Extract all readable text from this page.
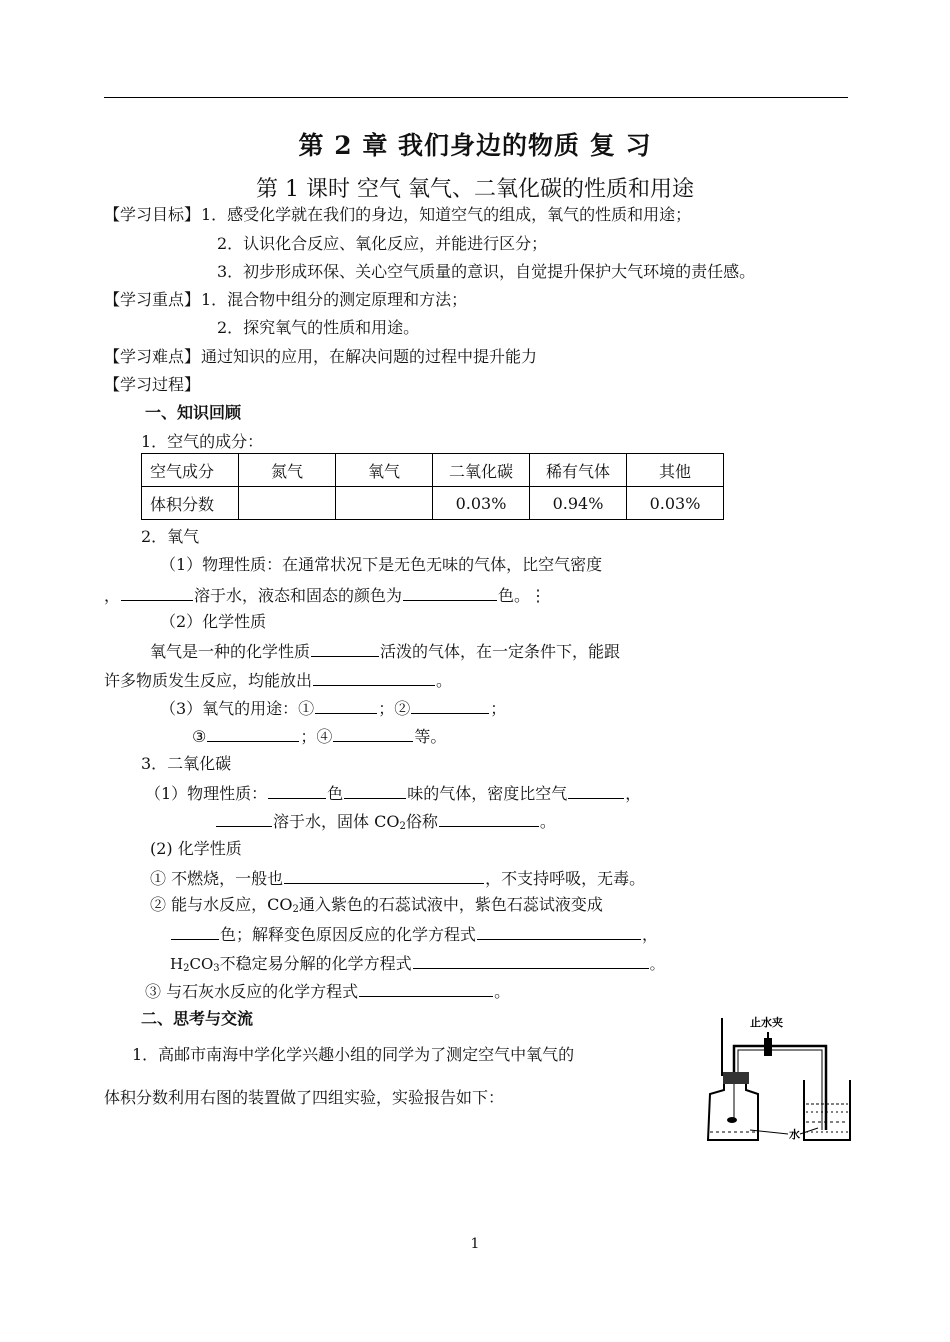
第 2 章 我们身边的物质 复 习
第 1 课时 空气 氧气、二氧化碳的性质和用途
【学习目标】 1．感受化学就在我们的身边，知道空气的组成，氧气的性质和用途；
2．认识化合反应、氧化反应，并能进行区分；
3．初步形成环保、关心空气质量的意识，自觉提升保护大气环境的责任感。
【学习重点】 1．混合物中组分的测定原理和方法；
2．探究氧气的性质和用途。
【学习难点】 通过知识的应用，在解决问题的过程中提升能力
【学习过程】
一、知识回顾
1．空气的成分：
空气成分	氮气	氧气	二氧化碳	稀有气体	其他
体积分数			0.03%	0.94%	0.03%
2．氧气
（1）物理性质：在通常状况下是无色无味的气体，比空气密度
，	溶于水，液态和固态的颜色为	色。⋮
（2）化学性质
氧气是一种的化学性质	活泼的气体，在一定条件下，能跟
许多物质发生反应，均能放出	。
（3）氧气的用途：①	；②	；
③	；④	等。
3．二氧化碳
（1）物理性质：	色	味的气体，密度比空气	，
溶于水，固体 $CO_2$俗称	。
(2) 化学性质
① 不燃烧，一般也	，不支持呼吸，无毒。
② 能与水反应，$CO_2$通入紫色的石蕊试液中，紫色石蕊试液变成
色；解释变色原因反应的化学方程式	，
$H_2CO_3$不稳定易分解的化学方程式	。
③ 与石灰水反应的化学方程式	。
二、思考与交流
1．高邮市南海中学化学兴趣小组的同学为了测定空气中氧气的
体积分数利用右图的装置做了四组实验，实验报告如下：
止水夹
水
1
